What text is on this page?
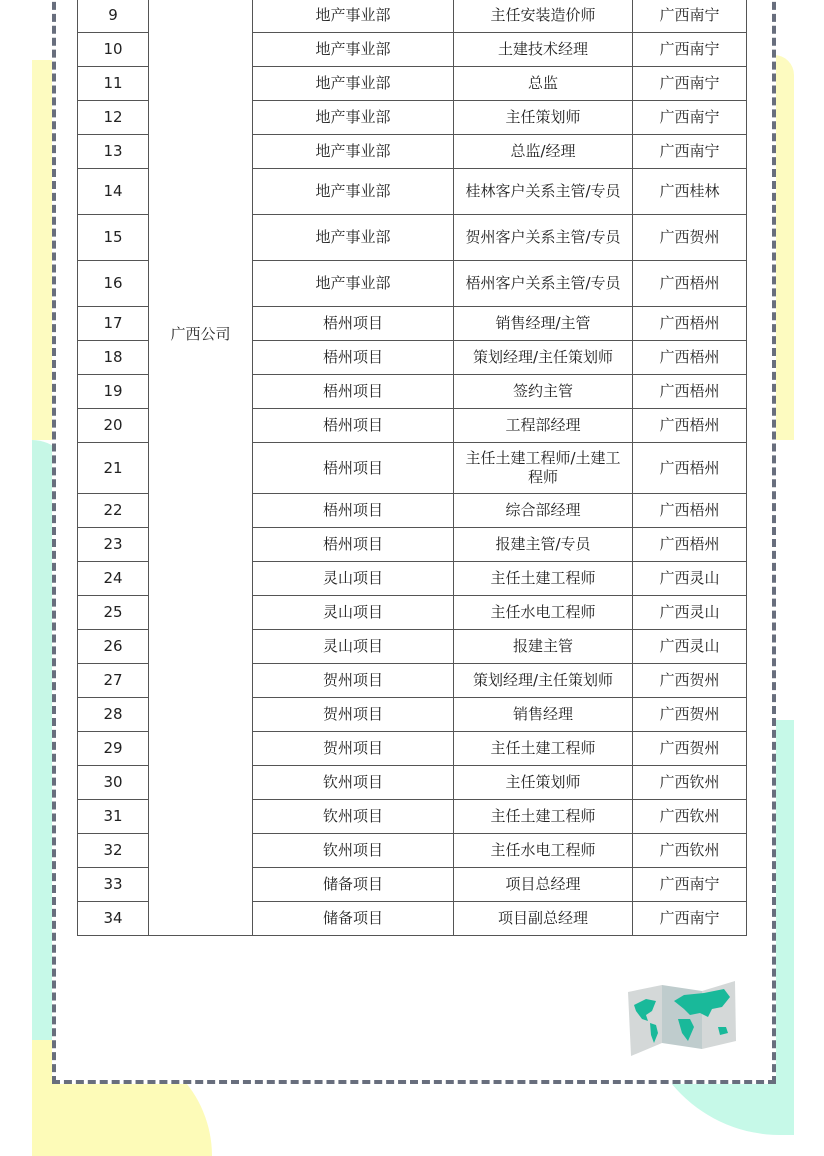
9	广西公司	地产事业部	主任安装造价师	广西南宁
10		地产事业部	土建技术经理	广西南宁
11		地产事业部	总监	广西南宁
12		地产事业部	主任策划师	广西南宁
13		地产事业部	总监/经理	广西南宁
14		地产事业部	桂林客户关系主管/专员	广西桂林
15		地产事业部	贺州客户关系主管/专员	广西贺州
16		地产事业部	梧州客户关系主管/专员	广西梧州
17		梧州项目	销售经理/主管	广西梧州
18		梧州项目	策划经理/主任策划师	广西梧州
19		梧州项目	签约主管	广西梧州
20		梧州项目	工程部经理	广西梧州
21		梧州项目	主任土建工程师/土建工程师	广西梧州
22		梧州项目	综合部经理	广西梧州
23		梧州项目	报建主管/专员	广西梧州
24		灵山项目	主任土建工程师	广西灵山
25		灵山项目	主任水电工程师	广西灵山
26		灵山项目	报建主管	广西灵山
27		贺州项目	策划经理/主任策划师	广西贺州
28		贺州项目	销售经理	广西贺州
29		贺州项目	主任土建工程师	广西贺州
30		钦州项目	主任策划师	广西钦州
31		钦州项目	主任土建工程师	广西钦州
32		钦州项目	主任水电工程师	广西钦州
33		储备项目	项目总经理	广西南宁
34		储备项目	项目副总经理	广西南宁
